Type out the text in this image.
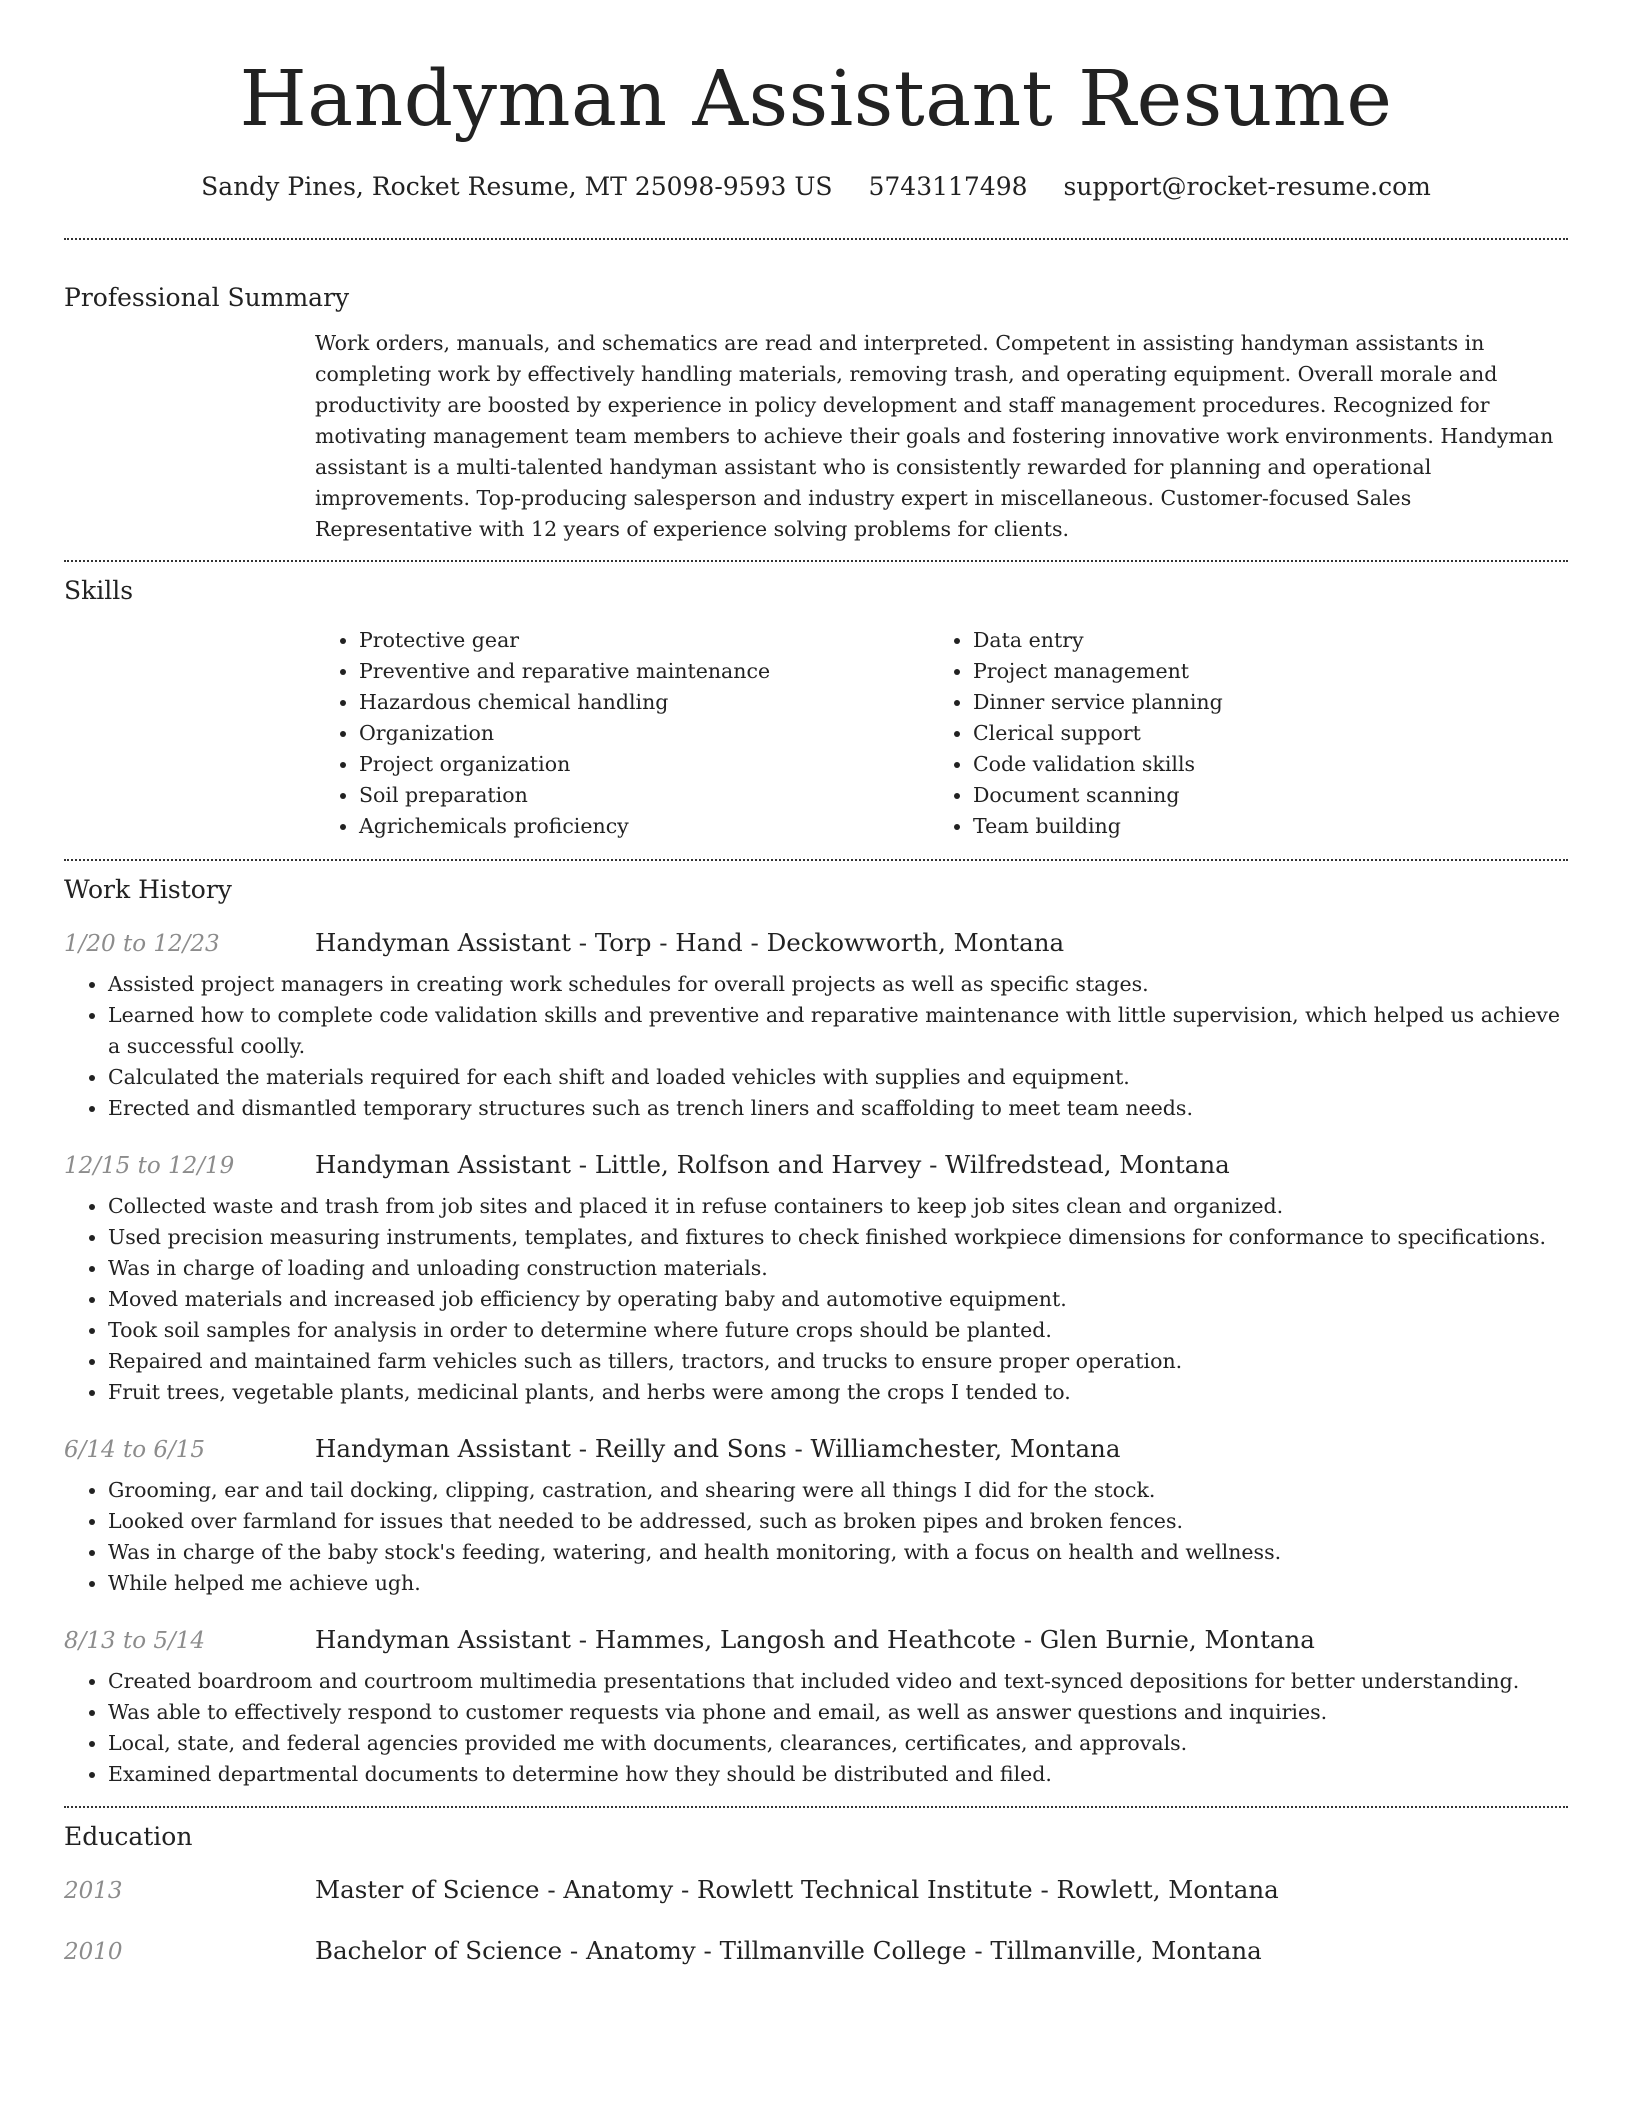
Handyman Assistant Resume
Sandy Pines, Rocket Resume, MT 25098-9593 US 5743117498 support@rocket-resume.com
Professional Summary
Work orders, manuals, and schematics are read and interpreted. Competent in assisting handyman assistants in completing work by effectively handling materials, removing trash, and operating equipment. Overall morale and productivity are boosted by experience in policy development and staff management procedures. Recognized for motivating management team members to achieve their goals and fostering innovative work environments. Handyman assistant is a multi-talented handyman assistant who is consistently rewarded for planning and operational improvements. Top-producing salesperson and industry expert in miscellaneous. Customer-focused Sales Representative with 12 years of experience solving problems for clients.
Skills
• Protective gear
• Preventive and reparative maintenance
• Hazardous chemical handling
• Organization
• Project organization
• Soil preparation
• Agrichemicals proficiency
• Data entry
• Project management
• Dinner service planning
• Clerical support
• Code validation skills
• Document scanning
• Team building
Work History
1/20 to 12/23	Handyman Assistant - Torp - Hand - Deckowworth, Montana
• Assisted project managers in creating work schedules for overall projects as well as specific stages.
• Learned how to complete code validation skills and preventive and reparative maintenance with little supervision, which helped us achieve a successful coolly.
• Calculated the materials required for each shift and loaded vehicles with supplies and equipment.
• Erected and dismantled temporary structures such as trench liners and scaffolding to meet team needs.
12/15 to 12/19	Handyman Assistant - Little, Rolfson and Harvey - Wilfredstead, Montana
• Collected waste and trash from job sites and placed it in refuse containers to keep job sites clean and organized.
• Used precision measuring instruments, templates, and fixtures to check finished workpiece dimensions for conformance to specifications.
• Was in charge of loading and unloading construction materials.
• Moved materials and increased job efficiency by operating baby and automotive equipment.
• Took soil samples for analysis in order to determine where future crops should be planted.
• Repaired and maintained farm vehicles such as tillers, tractors, and trucks to ensure proper operation.
• Fruit trees, vegetable plants, medicinal plants, and herbs were among the crops I tended to.
6/14 to 6/15	Handyman Assistant - Reilly and Sons - Williamchester, Montana
• Grooming, ear and tail docking, clipping, castration, and shearing were all things I did for the stock.
• Looked over farmland for issues that needed to be addressed, such as broken pipes and broken fences.
• Was in charge of the baby stock's feeding, watering, and health monitoring, with a focus on health and wellness.
• While helped me achieve ugh.
8/13 to 5/14	Handyman Assistant - Hammes, Langosh and Heathcote - Glen Burnie, Montana
• Created boardroom and courtroom multimedia presentations that included video and text-synced depositions for better understanding.
• Was able to effectively respond to customer requests via phone and email, as well as answer questions and inquiries.
• Local, state, and federal agencies provided me with documents, clearances, certificates, and approvals.
• Examined departmental documents to determine how they should be distributed and filed.
Education
2013	Master of Science - Anatomy - Rowlett Technical Institute - Rowlett, Montana
2010	Bachelor of Science - Anatomy - Tillmanville College - Tillmanville, Montana
